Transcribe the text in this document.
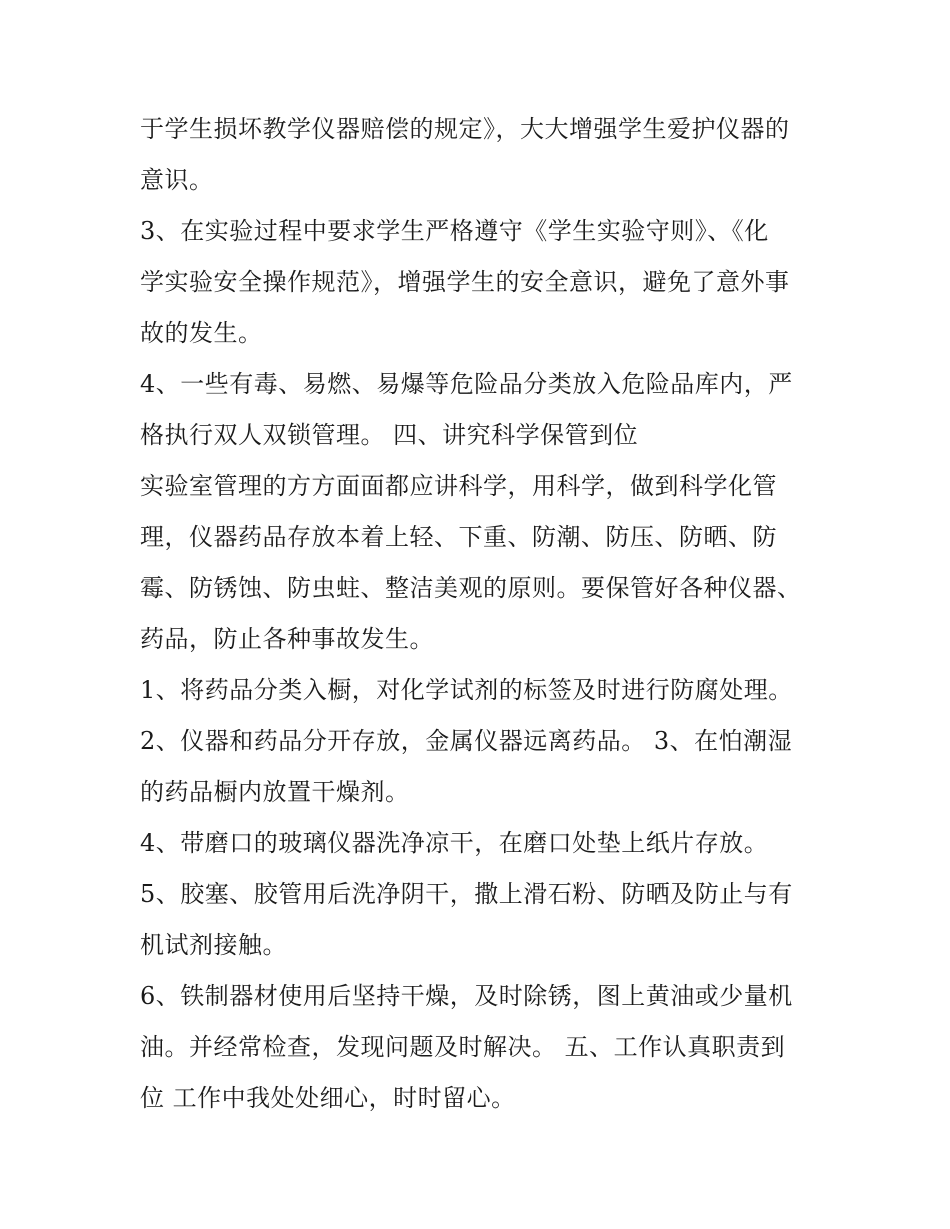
于学生损坏教学仪器赔偿的规定》，大大增强学生爱护仪器的
意识。
3、在实验过程中要求学生严格遵守《学生实验守则》、《化
学实验安全操作规范》，增强学生的安全意识，避免了意外事
故的发生。
4、一些有毒、易燃、易爆等危险品分类放入危险品库内，严
格执行双人双锁管理。 四、讲究科学保管到位
实验室管理的方方面面都应讲科学，用科学，做到科学化管
理，仪器药品存放本着上轻、下重、防潮、防压、防晒、防
霉、防锈蚀、防虫蛀、整洁美观的原则。要保管好各种仪器、
药品，防止各种事故发生。
1、将药品分类入橱，对化学试剂的标签及时进行防腐处理。
2、仪器和药品分开存放，金属仪器远离药品。 3、在怕潮湿
的药品橱内放置干燥剂。
4、带磨口的玻璃仪器洗净凉干，在磨口处垫上纸片存放。
5、胶塞、胶管用后洗净阴干，撒上滑石粉、防晒及防止与有
机试剂接触。
6、铁制器材使用后坚持干燥，及时除锈，图上黄油或少量机
油。并经常检查，发现问题及时解决。 五、工作认真职责到
位 工作中我处处细心，时时留心。
